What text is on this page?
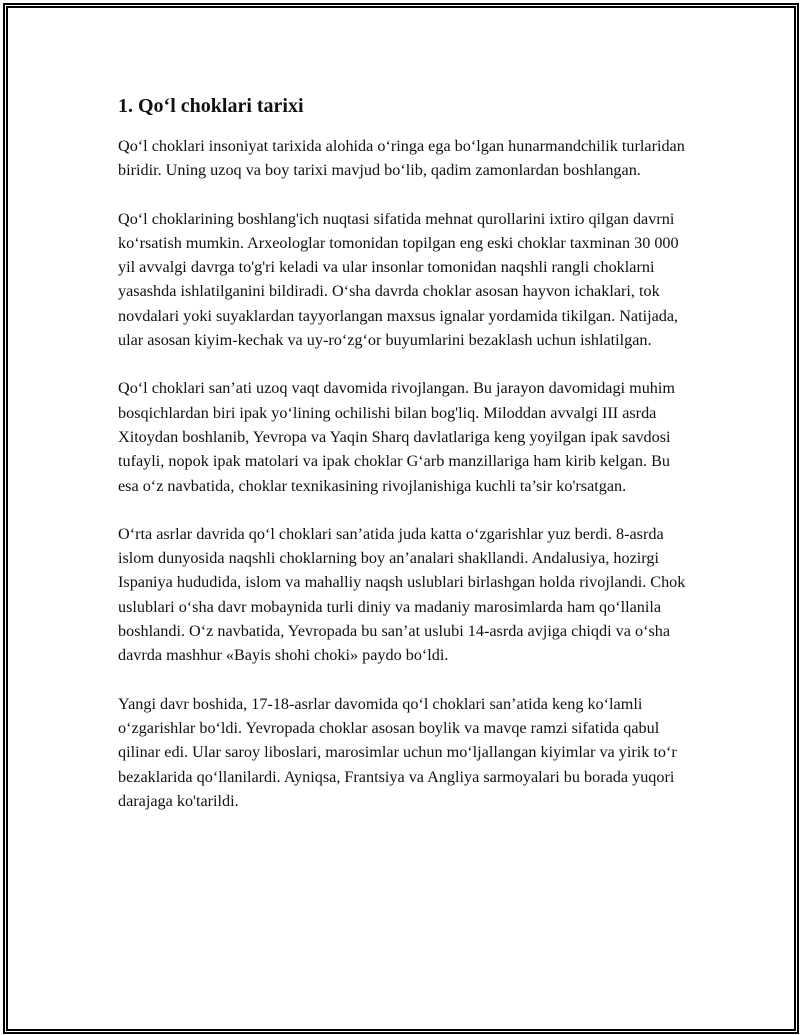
1. Qo‘l choklari tarixi

Qo‘l choklari insoniyat tarixida alohida o‘ringa ega bo‘lgan hunarmandchilik turlaridan biridir. Uning uzoq va boy tarixi mavjud bo‘lib, qadim zamonlardan boshlangan.

Qo‘l choklarining boshlang'ich nuqtasi sifatida mehnat qurollarini ixtiro qilgan davrni ko‘rsatish mumkin. Arxeologlar tomonidan topilgan eng eski choklar taxminan 30 000 yil avvalgi davrga to'g'ri keladi va ular insonlar tomonidan naqshli rangli choklarni yasashda ishlatilganini bildiradi. O‘sha davrda choklar asosan hayvon ichaklari, tok novdalari yoki suyaklardan tayyorlangan maxsus ignalar yordamida tikilgan. Natijada, ular asosan kiyim-kechak va uy-ro‘zg‘or buyumlarini bezaklash uchun ishlatilgan.

Qo‘l choklari san’ati uzoq vaqt davomida rivojlangan. Bu jarayon davomidagi muhim bosqichlardan biri ipak yo‘lining ochilishi bilan bog'liq. Miloddan avvalgi III asrda Xitoydan boshlanib, Yevropa va Yaqin Sharq davlatlariga keng yoyilgan ipak savdosi tufayli, nopok ipak matolari va ipak choklar G‘arb manzillariga ham kirib kelgan. Bu esa o‘z navbatida, choklar texnikasining rivojlanishiga kuchli ta’sir ko'rsatgan.

O‘rta asrlar davrida qo‘l choklari san’atida juda katta o‘zgarishlar yuz berdi. 8-asrda islom dunyosida naqshli choklarning boy an’analari shakllandi. Andalusiya, hozirgi Ispaniya hududida, islom va mahalliy naqsh uslublari birlashgan holda rivojlandi. Chok uslublari o‘sha davr mobaynida turli diniy va madaniy marosimlarda ham qo‘llanila boshlandi. O‘z navbatida, Yevropada bu san’at uslubi 14-asrda avjiga chiqdi va o‘sha davrda mashhur «Bayis shohi choki» paydo bo‘ldi.

Yangi davr boshida, 17-18-asrlar davomida qo‘l choklari san’atida keng ko‘lamli o‘zgarishlar bo‘ldi. Yevropada choklar asosan boylik va mavqe ramzi sifatida qabul qilinar edi. Ular saroy liboslari, marosimlar uchun mo‘ljallangan kiyimlar va yirik to‘r bezaklarida qo‘llanilardi. Ayniqsa, Frantsiya va Angliya sarmoyalari bu borada yuqori darajaga ko'tarildi.
